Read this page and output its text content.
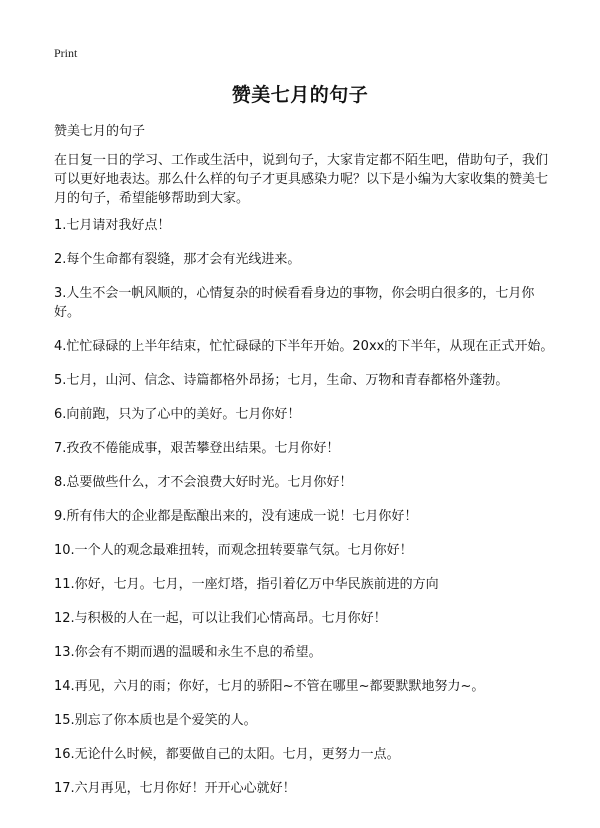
Print
赞美七月的句子
赞美七月的句子
在日复一日的学习、工作或生活中，说到句子，大家肯定都不陌生吧，借助句子，我们可以更好地表达。那么什么样的句子才更具感染力呢？以下是小编为大家收集的赞美七月的句子，希望能够帮助到大家。
1.七月请对我好点！
2.每个生命都有裂缝，那才会有光线进来。
3.人生不会一帆风顺的，心情复杂的时候看看身边的事物，你会明白很多的，七月你好。
4.忙忙碌碌的上半年结束，忙忙碌碌的下半年开始。20xx的下半年，从现在正式开始。
5.七月，山河、信念、诗篇都格外昂扬；七月，生命、万物和青春都格外蓬勃。
6.向前跑，只为了心中的美好。七月你好！
7.孜孜不倦能成事，艰苦攀登出结果。七月你好！
8.总要做些什么，才不会浪费大好时光。七月你好！
9.所有伟大的企业都是酝酿出来的，没有速成一说！七月你好！
10.一个人的观念最难扭转，而观念扭转要靠气氛。七月你好！
11.你好，七月。七月，一座灯塔，指引着亿万中华民族前进的方向
12.与积极的人在一起，可以让我们心情高昂。七月你好！
13.你会有不期而遇的温暖和永生不息的希望。
14.再见，六月的雨；你好，七月的骄阳~不管在哪里~都要默默地努力~。
15.别忘了你本质也是个爱笑的人。
16.无论什么时候，都要做自己的太阳。七月，更努力一点。
17.六月再见，七月你好！开开心心就好！
